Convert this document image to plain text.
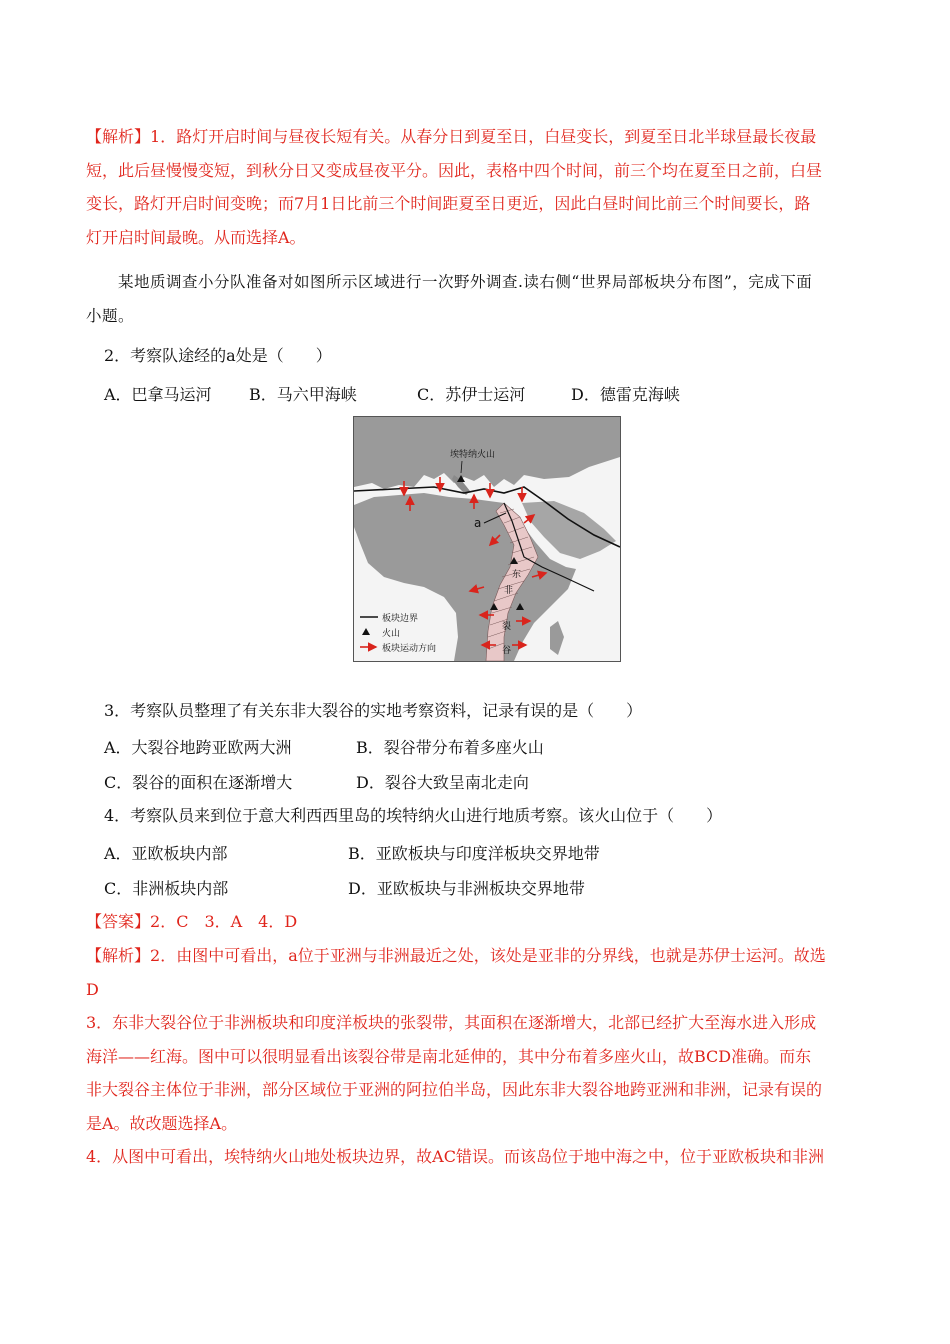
【解析】1．路灯开启时间与昼夜长短有关。从春分日到夏至日，白昼变长，到夏至日北半球昼最长夜最
短，此后昼慢慢变短，到秋分日又变成昼夜平分。因此，表格中四个时间，前三个均在夏至日之前，白昼
变长，路灯开启时间变晚；而7月1日比前三个时间距夏至日更近，因此白昼时间比前三个时间要长，路
灯开启时间最晚。从而选择A。
某地质调查小分队准备对如图所示区域进行一次野外调查.读右侧“世界局部板块分布图”，完成下面
小题。
2．考察队途经的a处是（　　）
A．巴拿马运河 B．马六甲海峡	C．苏伊士运河	D．德雷克海峡
埃特纳火山
a
东
非
裂
谷
板块边界
火山
板块运动方向
3．考察队员整理了有关东非大裂谷的实地考察资料，记录有误的是（　　）
A．大裂谷地跨亚欧两大洲	B．裂谷带分布着多座火山
C．裂谷的面积在逐渐增大	D．裂谷大致呈南北走向
4．考察队员来到位于意大利西西里岛的埃特纳火山进行地质考察。该火山位于（　　）
A．亚欧板块内部	B．亚欧板块与印度洋板块交界地带
C．非洲板块内部	D．亚欧板块与非洲板块交界地带
【答案】2．C　3．A　4．D
【解析】2．由图中可看出，a位于亚洲与非洲最近之处，该处是亚非的分界线，也就是苏伊士运河。故选
D
3．东非大裂谷位于非洲板块和印度洋板块的张裂带，其面积在逐渐增大，北部已经扩大至海水进入形成
海洋——红海。图中可以很明显看出该裂谷带是南北延伸的，其中分布着多座火山，故BCD准确。而东
非大裂谷主体位于非洲，部分区域位于亚洲的阿拉伯半岛，因此东非大裂谷地跨亚洲和非洲，记录有误的
是A。故改题选择A。
4．从图中可看出，埃特纳火山地处板块边界，故AC错误。而该岛位于地中海之中，位于亚欧板块和非洲
